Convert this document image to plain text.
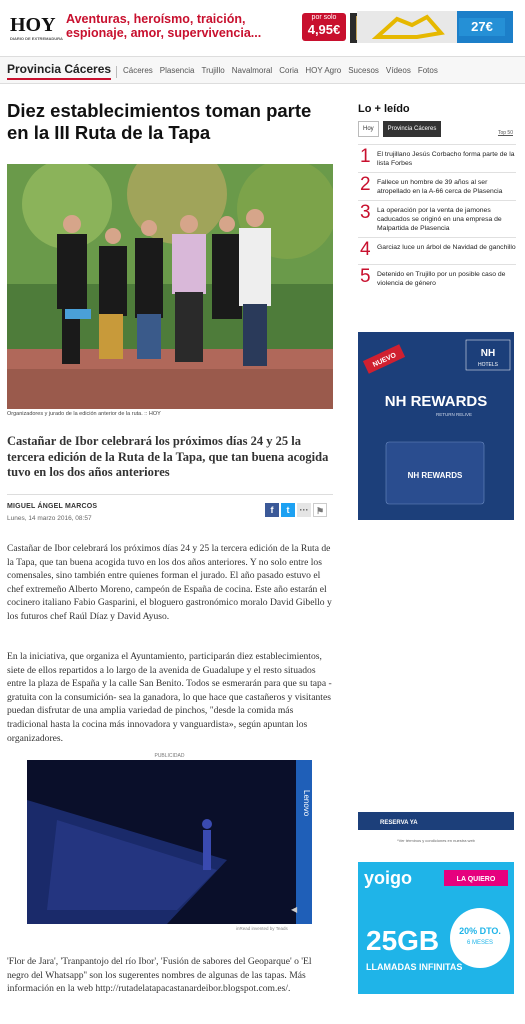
HOY
DIARIO DE EXTREMADURA
Aventuras, heroísmo, traición,
espionaje, amor, supervivencia...
por solo
4,95€	27€
Provincia Cáceres Cáceres Plasencia Trujillo Navalmoral Coria HOY Agro Sucesos Vídeos Fotos
Diez establecimientos toman parte en la III Ruta de la Tapa
Organizadores y jurado de la edición anterior de la ruta. :: HOY
Castañar de Ibor celebrará los próximos días 24 y 25 la tercera edición de la Ruta de la Tapa, que tan buena acogida tuvo en los dos años anteriores
MIGUEL ÁNGEL MARCOS
Lunes, 14 marzo 2016, 08:57
f	t	··· ⚑

Castañar de Ibor celebrará los próximos días 24 y 25 la tercera edición de la Ruta de la Tapa, que tan buena acogida tuvo en los dos años anteriores. Y no solo entre los comensales, sino también entre quienes forman el jurado. El año pasado estuvo el chef extremeño Alberto Moreno, campeón de España de cocina. Este año estarán el cocinero italiano Fabio Gasparini, el bloguero gastronómico moralo David Gibello y los futuros chef Raúl Díaz y David Ayuso.

En la iniciativa, que organiza el Ayuntamiento, participarán diez establecimientos, siete de ellos repartidos a lo largo de la avenida de Guadalupe y el resto situados entre la plaza de España y la calle San Benito. Todos se esmerarán para que su tapa -gratuita con la consumición- sea la ganadora, lo que hace que castañeros y visitantes puedan disfrutar de una amplia variedad de pinchos, "desde la comida más tradicional hasta la cocina más innovadora y vanguardista», según apuntan los organizadores.

PUBLICIDAD
Lenovo
◀
inRead invented by Teads

'Flor de Jara', 'Tranpantojo del río Ibor', 'Fusión de sabores del Geoparque' o 'El negro del Whatsapp'' son los sugerentes nombres de algunas de las tapas. Más información en la web http://rutadelatapacastanardeibor.blogspot.com.es/.

Lo + leído
Hoy	Provincia Cáceres
Top 50
1 El trujillano Jesús Corbacho forma parte de la lista Forbes
2 Fallece un hombre de 39 años al ser atropellado en la A-66 cerca de Plasencia
3 La operación por la venta de jamones caducados se originó en una empresa de Malpartida de Plasencia
4 Garciaz luce un árbol de Navidad de ganchillo
5 Detenido en Trujillo por un posible caso de violencia de género
NH
HOTELS
NUEVO
NH REWARDS
RETURN RELIVE
NH REWARDS
RESERVA YA
*Ver términos y condiciones en nuestra web
yoigo	LA QUIERO
25GB
LLAMADAS INFINITAS
20% DTO.
6 MESES
